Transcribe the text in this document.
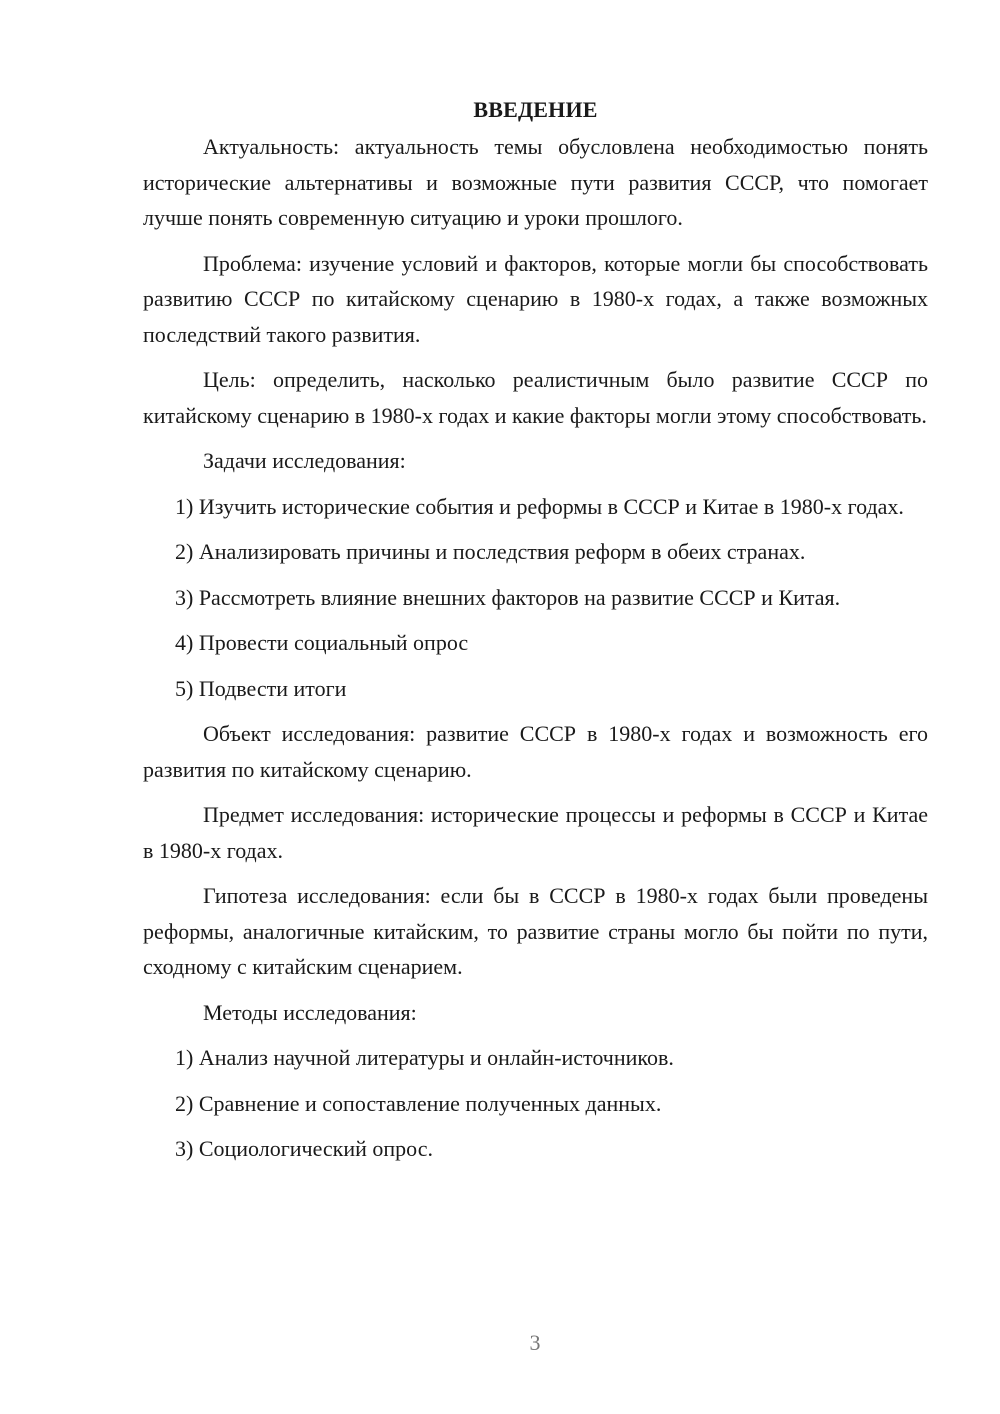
ВВЕДЕНИЕ

Актуальность: актуальность темы обусловлена необходимостью понять исторические альтернативы и возможные пути развития СССР, что помогает лучше понять современную ситуацию и уроки прошлого.

Проблема: изучение условий и факторов, которые могли бы способствовать развитию СССР по китайскому сценарию в 1980-х годах, а также возможных последствий такого развития.

Цель: определить, насколько реалистичным было развитие СССР по китайскому сценарию в 1980-х годах и какие факторы могли этому способствовать.

Задачи исследования:

1) Изучить исторические события и реформы в СССР и Китае в 1980-х годах.

2) Анализировать причины и последствия реформ в обеих странах.

3) Рассмотреть влияние внешних факторов на развитие СССР и Китая.

4) Провести социальный опрос

5) Подвести итоги

Объект исследования: развитие СССР в 1980-х годах и возможность его развития по китайскому сценарию.

Предмет исследования: исторические процессы и реформы в СССР и Китае в 1980-х годах.

Гипотеза исследования: если бы в СССР в 1980-х годах были проведены реформы, аналогичные китайским, то развитие страны могло бы пойти по пути, сходному с китайским сценарием.

Методы исследования:

1) Анализ научной литературы и онлайн-источников.

2) Сравнение и сопоставление полученных данных.

3) Социологический опрос.

3
